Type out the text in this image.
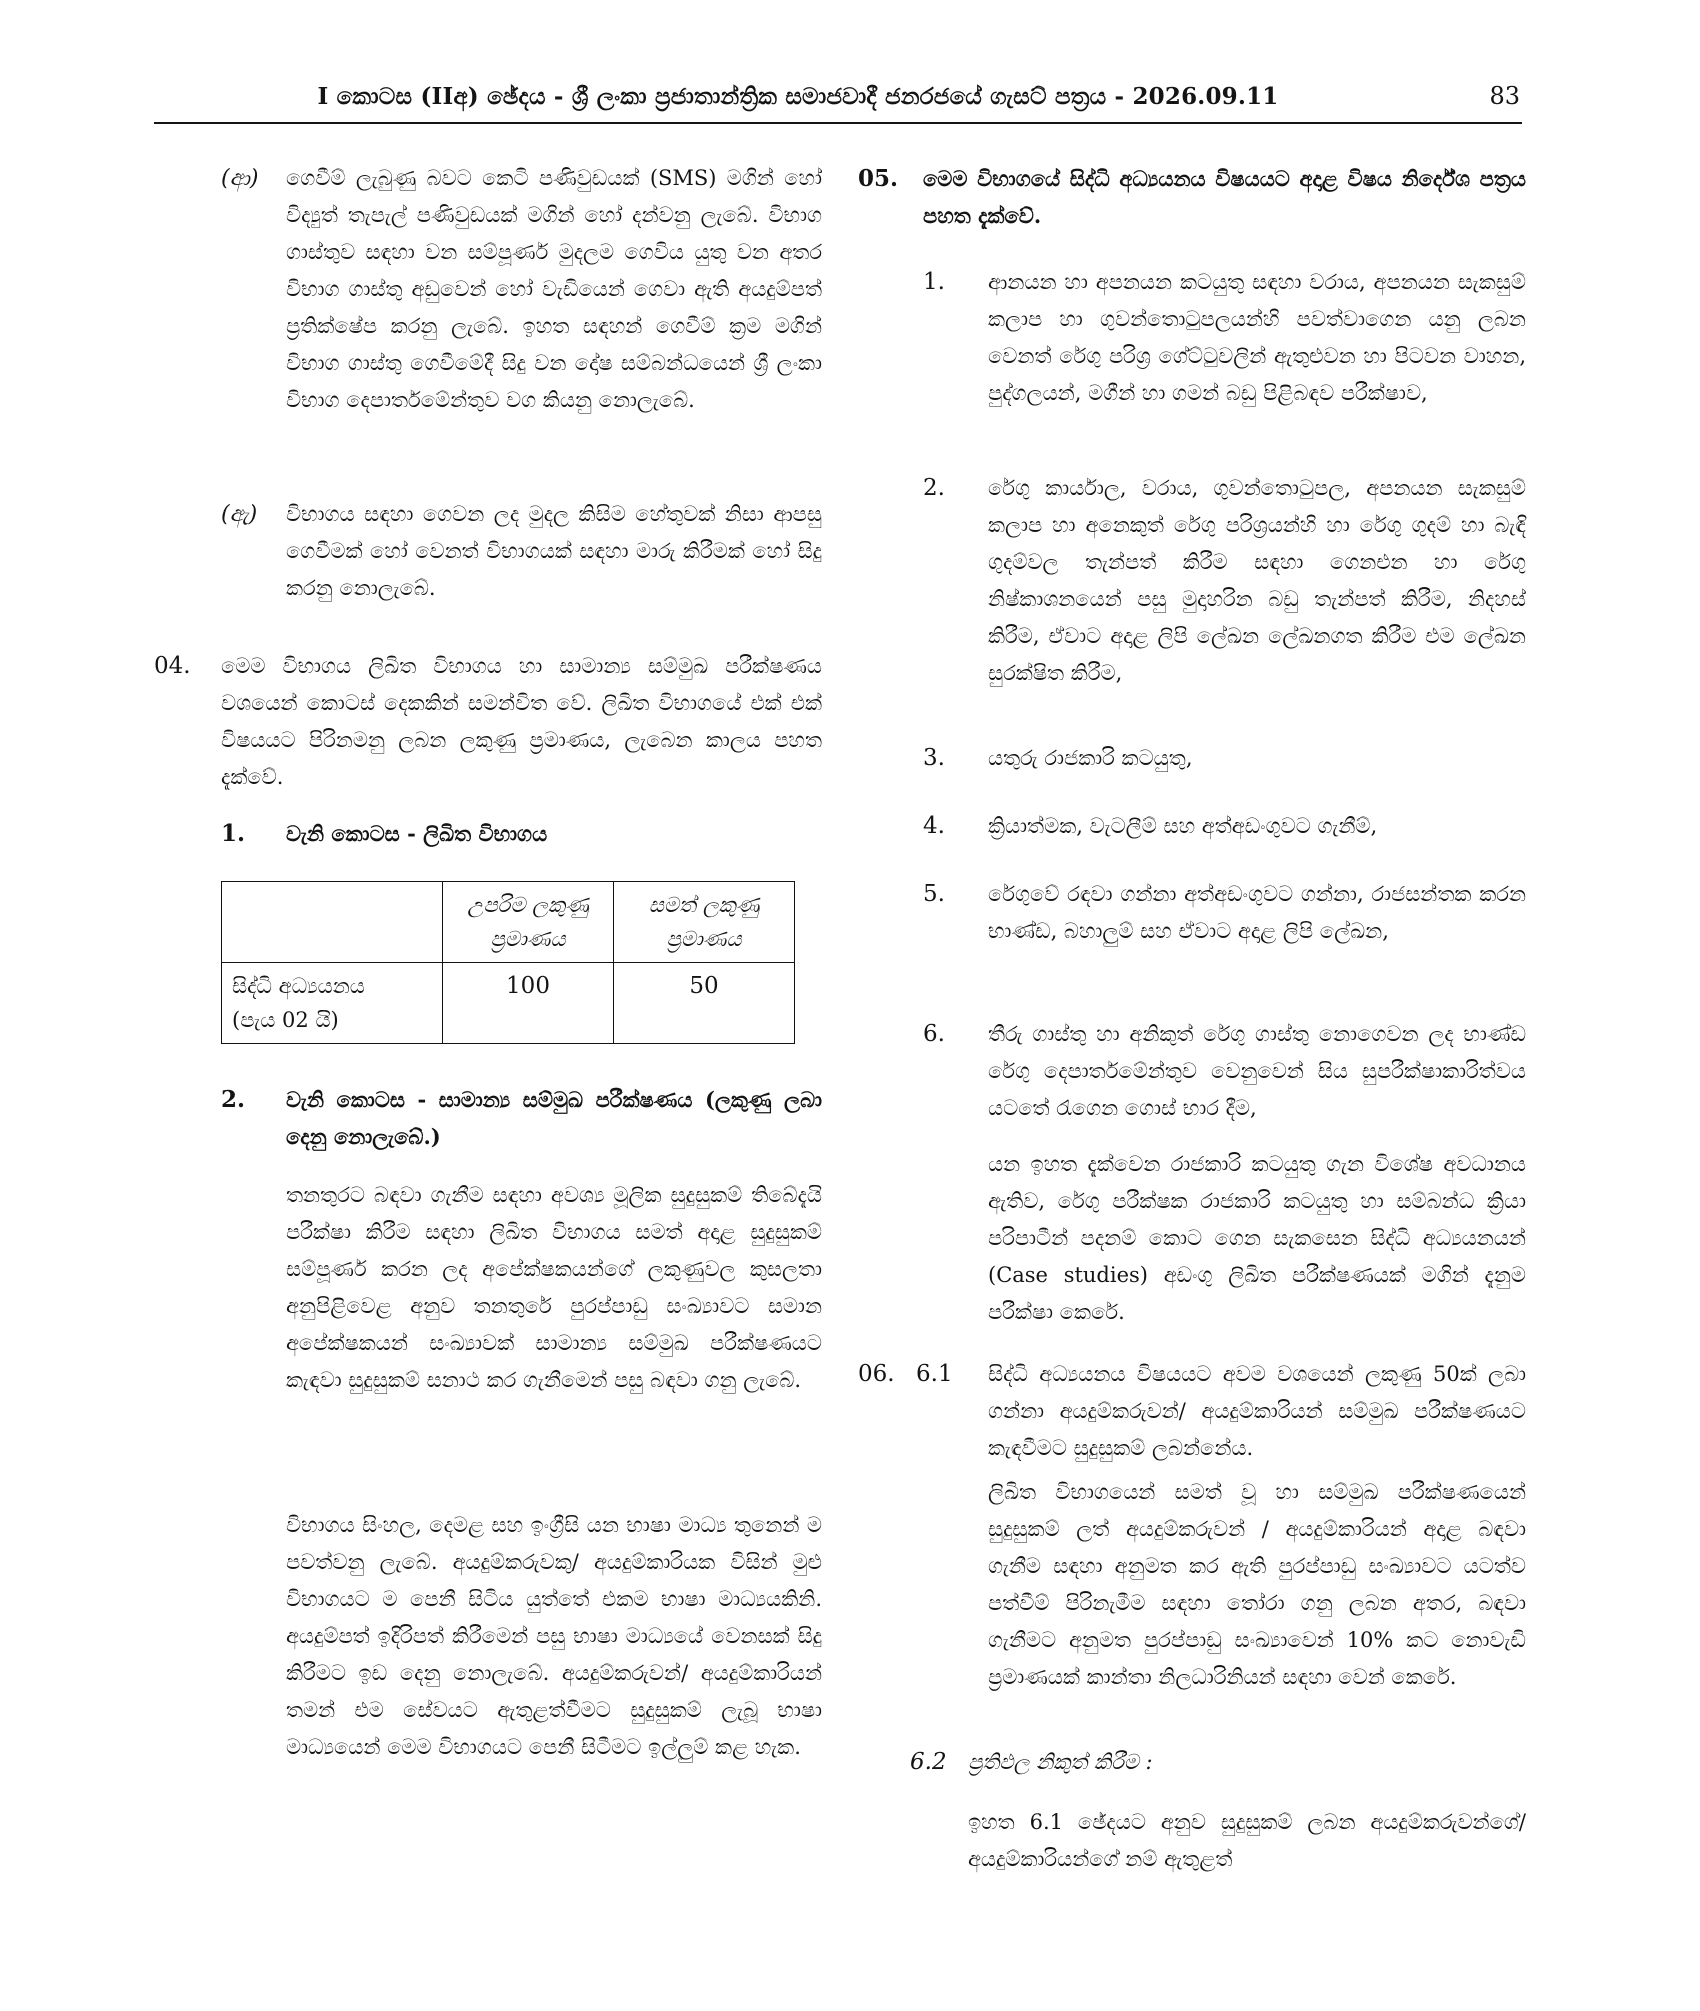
I කොටස (IIඅ) ඡේදය - ශ්‍රී ලංකා ප්‍රජාතාන්ත්‍රික සමාජවාදී ජනරජයේ ගැසට් පත්‍රය - 2026.09.11	83
(ආ) ගෙවීම් ලැබුණු බවට කෙටි පණිවුඩයක් (SMS) මගින් හෝ විද්‍යුත් තැපැල් පණිවුඩයක් මගින් හෝ දන්වනු ලැබේ. විභාග ගාස්තුව සඳහා වන සම්පූර්ණ මුදලම ගෙවිය යුතු වන අතර විභාග ගාස්තු අඩුවෙන් හෝ වැඩියෙන් ගෙවා ඇති අයදුම්පත් ප්‍රතික්ෂේප කරනු ලැබේ. ඉහත සඳහන් ගෙවීම් ක්‍රම මගින් විභාග ගාස්තු ගෙවීමේදී සිදු වන දෝෂ සම්බන්ධයෙන් ශ්‍රී ලංකා විභාග දෙපාර්තමේන්තුව වග කියනු නොලැබේ.

(ඇ) විභාගය සඳහා ගෙවන ලද මුදල කිසිම හේතුවක් නිසා ආපසු ගෙවීමක් හෝ වෙනත් විභාගයක් සඳහා මාරු කිරීමක් හෝ සිදු කරනු නොලැබේ.

04. මෙම විභාගය ලිඛිත විභාගය හා සාමාන්‍ය සම්මුඛ පරීක්ෂණය වශයෙන් කොටස් දෙකකින් සමන්විත වේ. ලිඛිත විභාගයේ එක් එක් විෂයයට පිරිනමනු ලබන ලකුණු ප්‍රමාණය, ලැබෙන කාලය පහත දැක්වේ.

1. වැනි කොටස - ලිඛිත විභාගය

	උපරිම ලකුණු ප්‍රමාණය	සමත් ලකුණු ප්‍රමාණය

සිද්ධි අධ්‍යයනය
(පැය 02 යි)	100	50
2. වැනි කොටස - සාමාන්‍ය සම්මුඛ පරීක්ෂණය (ලකුණු ලබා දෙනු නොලැබේ.)

තනතුරට බඳවා ගැනීම සඳහා අවශ්‍ය මූලික සුදුසුකම් තිබේදැයි පරීක්ෂා කිරීම සඳහා ලිඛිත විභාගය සමත් අදාළ සුදුසුකම් සම්පූර්ණ කරන ලද අපේක්ෂකයන්ගේ ලකුණුවල කුසලතා අනුපිළිවෙළ අනුව තනතුරේ පුරප්පාඩු සංඛ්‍යාවට සමාන අපේක්ෂකයන් සංඛ්‍යාවක් සාමාන්‍ය සම්මුඛ පරීක්ෂණයට කැඳවා සුදුසුකම් සනාථ කර ගැනීමෙන් පසු බඳවා ගනු ලැබේ.

විභාගය සිංහල, දෙමළ සහ ඉංග්‍රීසි යන භාෂා මාධ්‍ය තුනෙන් ම පවත්වනු ලැබේ. අයදුම්කරුවකු/ අයදුම්කාරියක විසින් මුළු විභාගයට ම පෙනී සිටිය යුත්තේ එකම භාෂා මාධ්‍යයකිනි. අයදුම්පත් ඉදිරිපත් කිරීමෙන් පසු භාෂා මාධ්‍යයේ වෙනසක් සිදු කිරීමට ඉඩ දෙනු නොලැබේ. අයදුම්කරුවන්/ අයදුම්කාරියන් තමන් එම සේවයට ඇතුළත්වීමට සුදුසුකම් ලැබූ භාෂා මාධ්‍යයෙන් මෙම විභාගයට පෙනී සිටීමට ඉල්ලුම් කළ හැක.

05. මෙම විභාගයේ සිද්ධි අධ්‍යයනය විෂයයට අදාළ විෂය නිර්දේශ පත්‍රය පහත දැක්වේ.

1. ආනයන හා අපනයන කටයුතු සඳහා වරාය, අපනයන සැකසුම් කලාප හා ගුවන්තොටුපලයන්හි පවත්වාගෙන යනු ලබන වෙනත් රේගු පරිශ්‍ර ගේට්ටුවලින් ඇතුළුවන හා පිටවන වාහන, පුද්ගලයන්, මගීන් හා ගමන් බඩු පිළිබඳව පරීක්ෂාව,

2. රේගු කාර්යාල, වරාය, ගුවන්තොටුපල, අපනයන සැකසුම් කලාප හා අනෙකුත් රේගු පරිශ්‍රයන්හි හා රේගු ගුදම් හා බැඳි ගුදම්වල තැන්පත් කිරීම සඳහා ගෙනඑන හා රේගු නිෂ්කාශනයෙන් පසු මුදාහරින බඩු තැන්පත් කිරීම, නිදහස් කිරීම, ඒවාට අදාළ ලිපි ලේඛන ලේඛනගත කිරීම එම ලේඛන සුරක්ෂිත කිරීම,

3. යතුරු රාජකාරි කටයුතු,

4. ක්‍රියාත්මක, වැටලීම් සහ අත්අඩංගුවට ගැනීම්,

5. රේගුවේ රඳවා ගන්නා අත්අඩංගුවට ගන්නා, රාජසන්තක කරන භාණ්ඩ, බහාලුම් සහ ඒවාට අදාළ ලිපි ලේඛන,

6. තීරු ගාස්තු හා අනිකුත් රේගු ගාස්තු නොගෙවන ලද භාණ්ඩ රේගු දෙපාර්තමේන්තුව වෙනුවෙන් සිය සුපරීක්ෂාකාරිත්වය යටතේ රැගෙන ගොස් භාර දීම,

යන ඉහත දැක්වෙන රාජකාරි කටයුතු ගැන විශේෂ අවධානය ඇතිව, රේගු පරීක්ෂක රාජකාරි කටයුතු හා සම්බන්ධ ක්‍රියා පරිපාටීන් පදනම් කොට ගෙන සැකසෙන සිද්ධි අධ්‍යයනයන් (Case studies) අඩංගු ලිඛිත පරීක්ෂණයක් මගින් දැනුම පරීක්ෂා කෙරේ.

06. 6.1 සිද්ධි අධ්‍යයනය විෂයයට අවම වශයෙන් ලකුණු 50ක් ලබා ගන්නා අයදුම්කරුවන්/ අයදුම්කාරියන් සම්මුඛ පරීක්ෂණයට කැඳවීමට සුදුසුකම් ලබන්නේය.

ලිඛිත විභාගයෙන් සමත් වූ හා සම්මුඛ පරීක්ෂණයෙන් සුදුසුකම් ලත් අයදුම්කරුවන් / අයදුම්කාරියන් අදාළ බඳවා ගැනීම සඳහා අනුමත කර ඇති පුරප්පාඩු සංඛ්‍යාවට යටත්ව පත්වීම් පිරිනැමීම සඳහා තෝරා ගනු ලබන අතර, බඳවා ගැනීමට අනුමත පුරප්පාඩු සංඛ්‍යාවෙන් 10% කට නොවැඩි ප්‍රමාණයක් කාන්තා නිලධාරිනියන් සඳහා වෙන් කෙරේ.

6.2 ප්‍රතිඵල නිකුත් කිරීම :

ඉහත 6.1 ඡේදයට අනුව සුදුසුකම් ලබන අයදුම්කරුවන්ගේ/ අයදුම්කාරියන්ගේ නම් ඇතුළත්
